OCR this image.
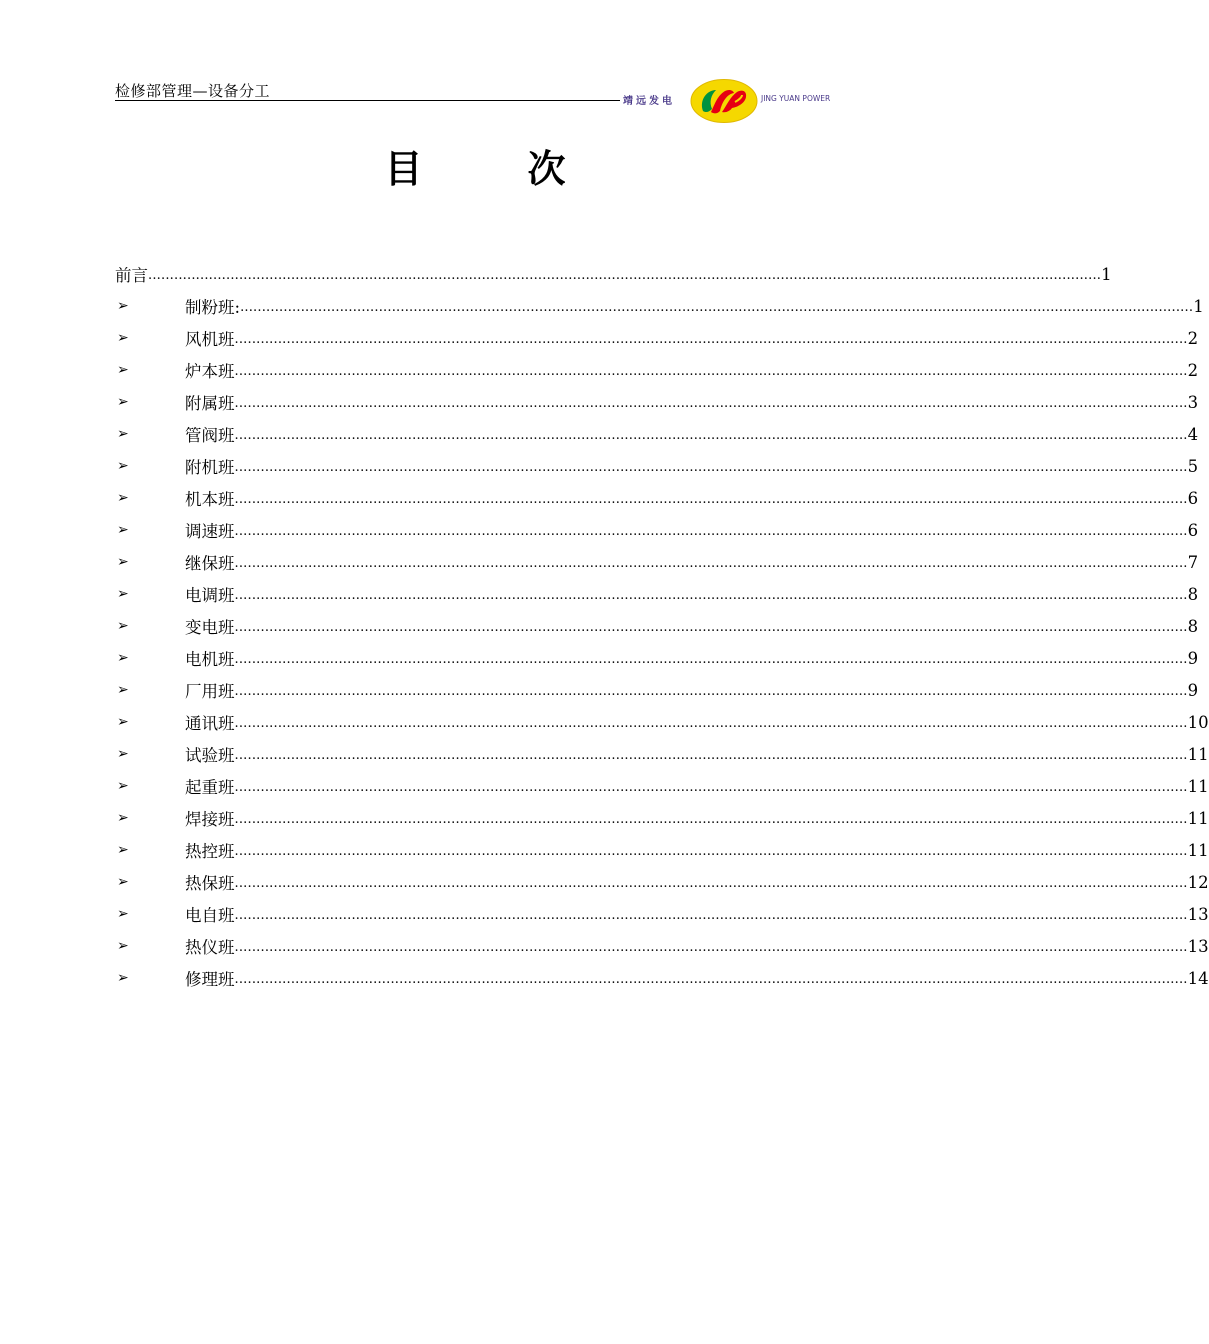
检修部管理—设备分工
靖远发电	JING YUAN POWER
目	次
前言 ............................................................................................................................................................................................................................ 1
➢	制粉班: ............................................................................................................................................................................................................................ 1
➢	风机班 ............................................................................................................................................................................................................................ 2
➢	炉本班 ............................................................................................................................................................................................................................ 2
➢	附属班 ............................................................................................................................................................................................................................ 3
➢	管阀班 ............................................................................................................................................................................................................................ 4
➢	附机班 ............................................................................................................................................................................................................................ 5
➢	机本班 ............................................................................................................................................................................................................................ 6
➢	调速班 ............................................................................................................................................................................................................................ 6
➢	继保班 ............................................................................................................................................................................................................................ 7
➢	电调班 ............................................................................................................................................................................................................................ 8
➢	变电班 ............................................................................................................................................................................................................................ 8
➢	电机班 ............................................................................................................................................................................................................................ 9
➢	厂用班 ............................................................................................................................................................................................................................ 9
➢	通讯班 ............................................................................................................................................................................................................................ 10
➢	试验班 ............................................................................................................................................................................................................................ 11
➢	起重班 ............................................................................................................................................................................................................................ 11
➢	焊接班 ............................................................................................................................................................................................................................ 11
➢	热控班 ............................................................................................................................................................................................................................ 11
➢	热保班 ............................................................................................................................................................................................................................ 12
➢	电自班 ............................................................................................................................................................................................................................ 13
➢	热仪班 ............................................................................................................................................................................................................................ 13
➢	修理班 ............................................................................................................................................................................................................................ 14
